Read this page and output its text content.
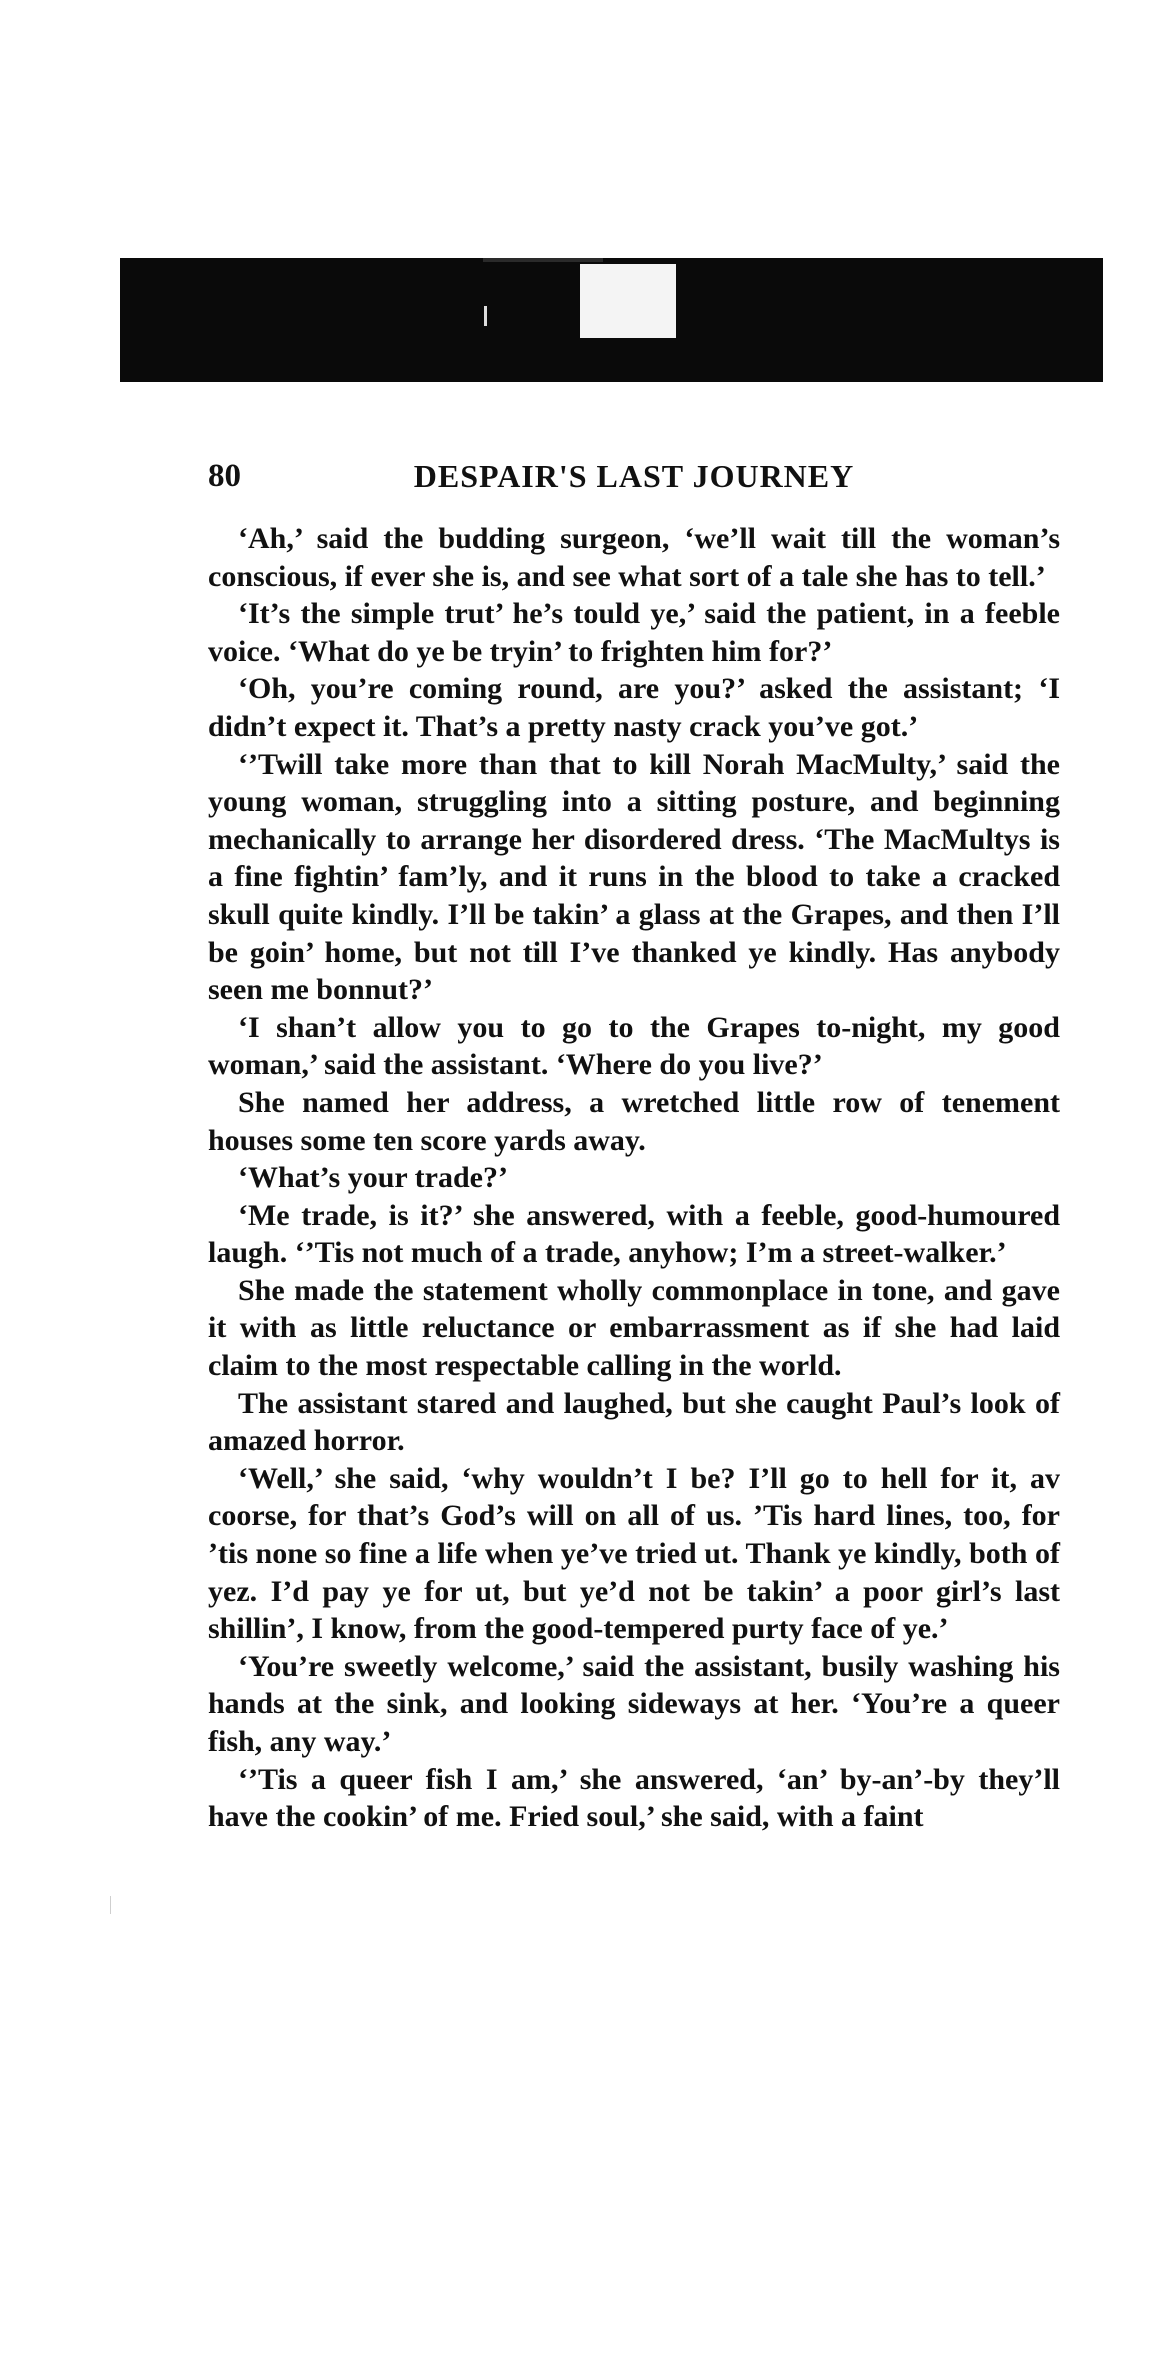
DESPAIR'S LAST JOURNEY
80

‘Ah,’ said the budding surgeon, ‘we’ll wait till the woman’s conscious, if ever she is, and see what sort of a tale she has to tell.’

‘It’s the simple trut’ he’s tould ye,’ said the patient, in a feeble voice. ‘What do ye be tryin’ to frighten him for?’

‘Oh, you’re coming round, are you?’ asked the assistant; ‘I didn’t expect it. That’s a pretty nasty crack you’ve got.’

‘’Twill take more than that to kill Norah MacMulty,’ said the young woman, struggling into a sitting posture, and beginning mechanically to arrange her disordered dress. ‘The MacMultys is a fine fightin’ fam’ly, and it runs in the blood to take a cracked skull quite kindly. I’ll be takin’ a glass at the Grapes, and then I’ll be goin’ home, but not till I’ve thanked ye kindly. Has anybody seen me bonnut?’

‘I shan’t allow you to go to the Grapes to-night, my good woman,’ said the assistant. ‘Where do you live?’

She named her address, a wretched little row of tenement houses some ten score yards away.

‘What’s your trade?’

‘Me trade, is it?’ she answered, with a feeble, good-humoured laugh. ‘’Tis not much of a trade, anyhow; I’m a street-walker.’

She made the statement wholly commonplace in tone, and gave it with as little reluctance or embarrassment as if she had laid claim to the most respectable calling in the world.

The assistant stared and laughed, but she caught Paul’s look of amazed horror.

‘Well,’ she said, ‘why wouldn’t I be? I’ll go to hell for it, av coorse, for that’s God’s will on all of us. ’Tis hard lines, too, for ’tis none so fine a life when ye’ve tried ut. Thank ye kindly, both of yez. I’d pay ye for ut, but ye’d not be takin’ a poor girl’s last shillin’, I know, from the good-tempered purty face of ye.’

‘You’re sweetly welcome,’ said the assistant, busily washing his hands at the sink, and looking sideways at her. ‘You’re a queer fish, any way.’

‘’Tis a queer fish I am,’ she answered, ‘an’ by-an’-by they’ll have the cookin’ of me. Fried soul,’ she said, with a faint
